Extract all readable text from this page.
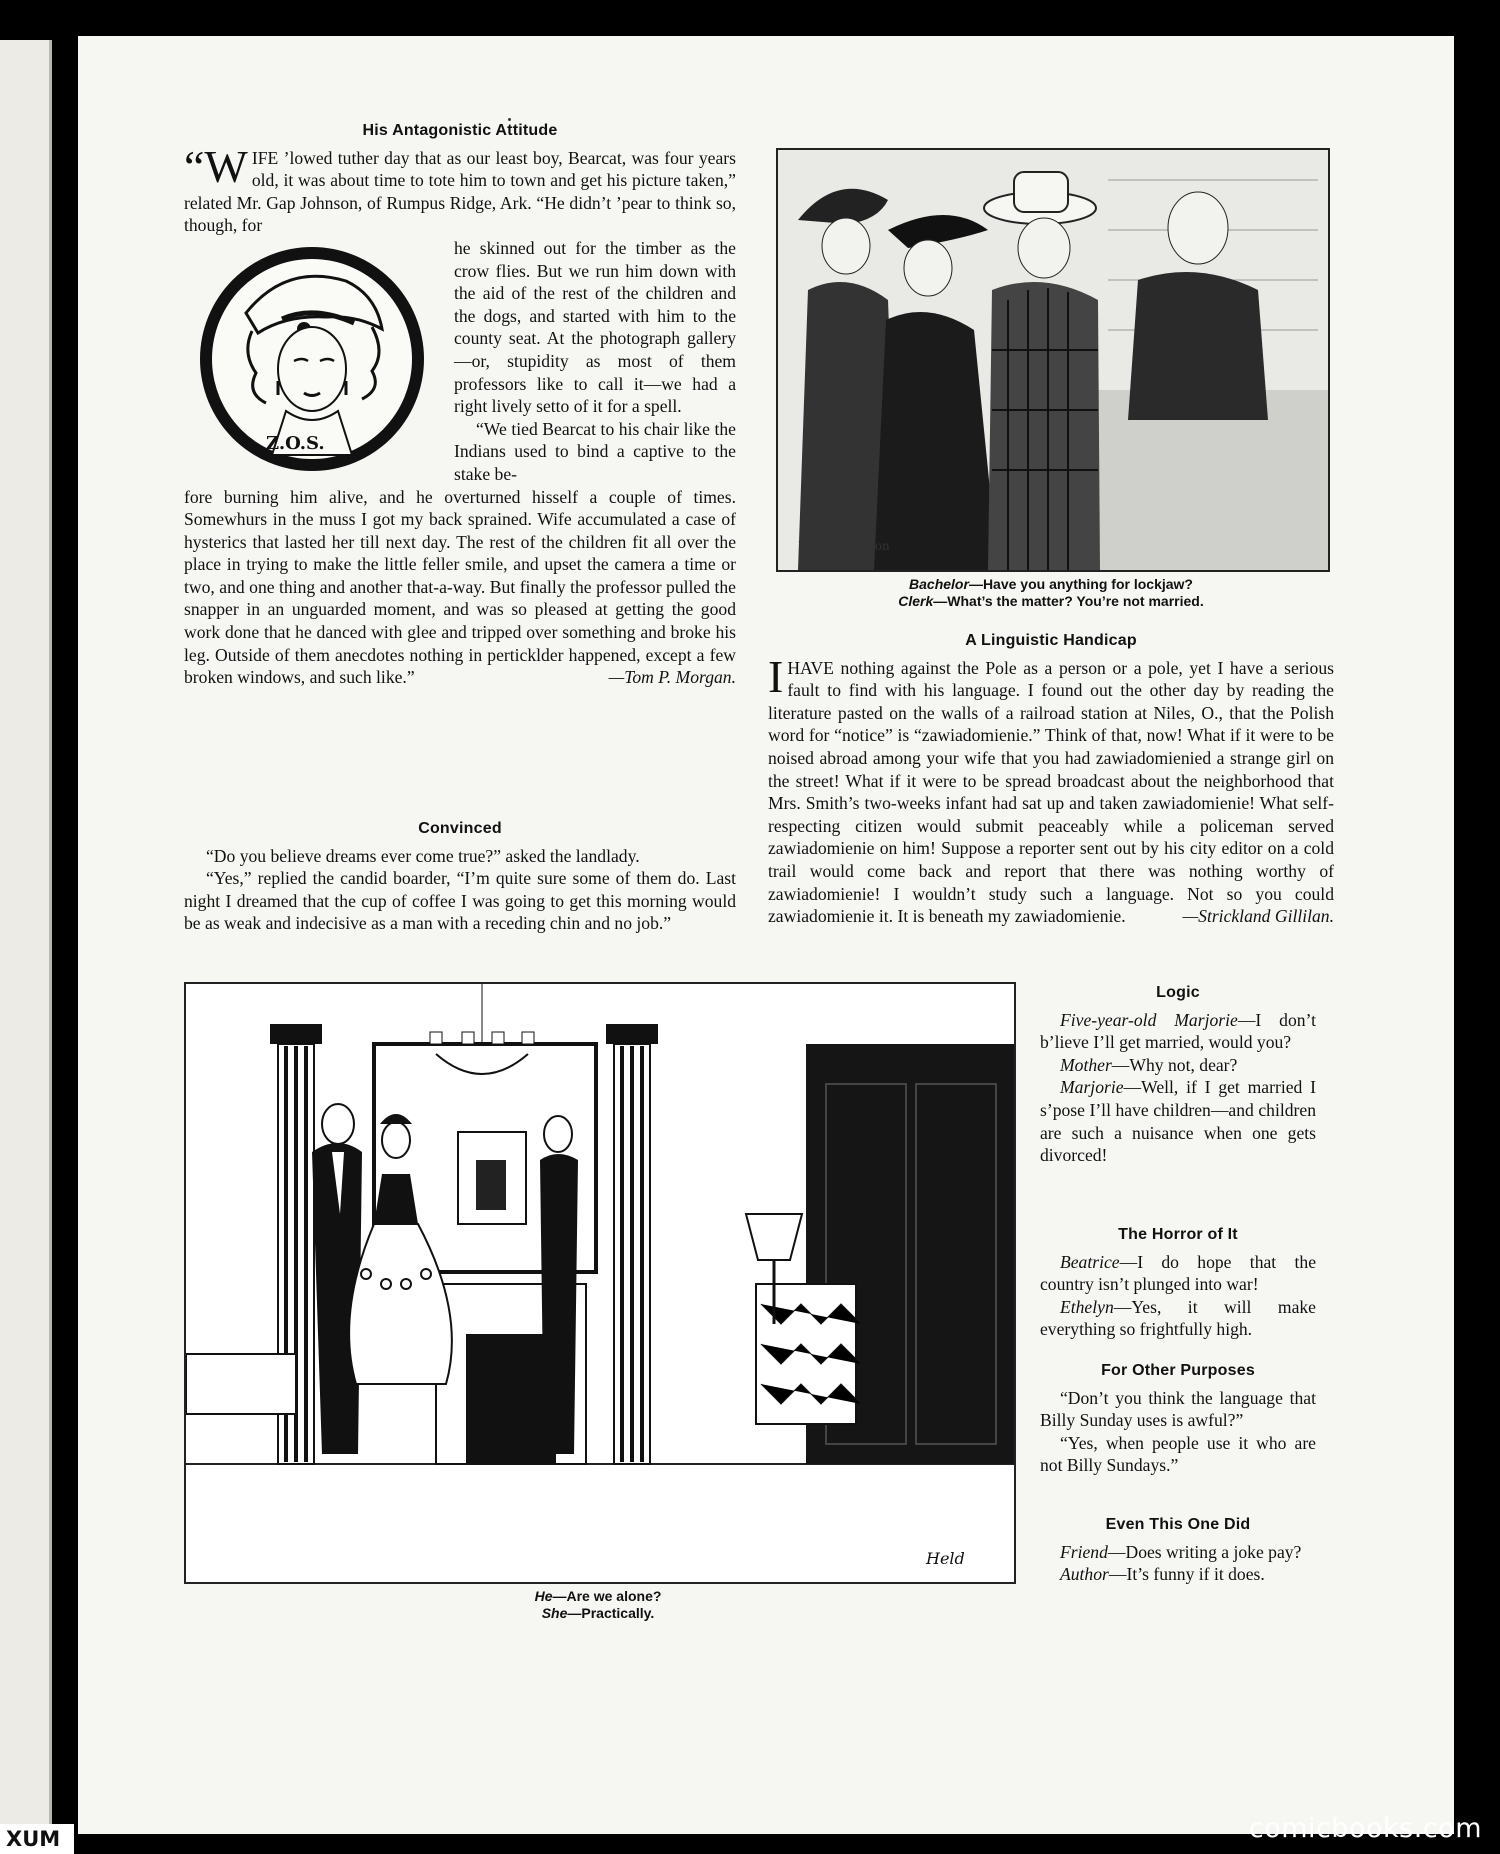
His Antagonistic Attitude

“WIFE ’lowed tuther day that as our least boy, Bearcat, was four years old, it was about time to tote him to town and get his picture taken,” related Mr. Gap Johnson, of Rumpus Ridge, Ark. “He didn’t ’pear to think so, though, for

Z.O.S.

he skinned out for the timber as the crow flies. But we run him down with the aid of the rest of the children and the dogs, and started with him to the county seat. At the photograph gallery—or, stupidity as most of them professors like to call it—we had a right lively setto of it for a spell.

“We tied Bearcat to his chair like the Indians used to bind a captive to the stake be-

fore burning him alive, and he overturned hisself a couple of times. Somewhurs in the muss I got my back sprained. Wife accumulated a case of hysterics that lasted her till next day. The rest of the children fit all over the place in trying to make the little feller smile, and upset the camera a time or two, and one thing and another that-a-way. But finally the professor pulled the snapper in an unguarded moment, and was so pleased at getting the good work done that he danced with glee and tripped over something and broke his leg. Outside of them anecdotes nothing in perticklder happened, except a few broken windows, and such like.”	—Tom P. Morgan.

Convinced

“Do you believe dreams ever come true?” asked the landlady.

“Yes,” replied the candid boarder, “I’m quite sure some of them do. Last night I dreamed that the cup of coffee I was going to get this morning would be as weak and indecisive as a man with a receding chin and no job.”

Barbara Alston
Bachelor—Have you anything for lockjaw?
Clerk—What’s the matter? You’re not married.
A Linguistic Handicap

IHAVE nothing against the Pole as a person or a pole, yet I have a serious fault to find with his language. I found out the other day by reading the literature pasted on the walls of a railroad station at Niles, O., that the Polish word for “notice” is “zawiadomienie.” Think of that, now! What if it were to be noised abroad among your wife that you had zawiadomienied a strange girl on the street! What if it were to be spread broadcast about the neighborhood that Mrs. Smith’s two-weeks infant had sat up and taken zawiadomienie! What self-respecting citizen would submit peaceably while a policeman served zawiadomienie on him! Suppose a reporter sent out by his city editor on a cold trail would come back and report that there was nothing worthy of zawiadomienie! I wouldn’t study such a language. Not so you could zawiadomienie it. It is beneath my zawiadomienie.	—Strickland Gillilan.

Held
He—Are we alone?
She—Practically.
Logic

Five-year-old Marjorie—I don’t b’lieve I’ll get married, would you?

Mother—Why not, dear?

Marjorie—Well, if I get married I s’pose I’ll have children—and children are such a nuisance when one gets divorced!

The Horror of It

Beatrice—I do hope that the country isn’t plunged into war!

Ethelyn—Yes, it will make everything so frightfully high.

For Other Purposes

“Don’t you think the language that Billy Sunday uses is awful?”

“Yes, when people use it who are not Billy Sundays.”

Even This One Did

Friend—Does writing a joke pay?

Author—It’s funny if it does.

comicbooks.com
XUM
